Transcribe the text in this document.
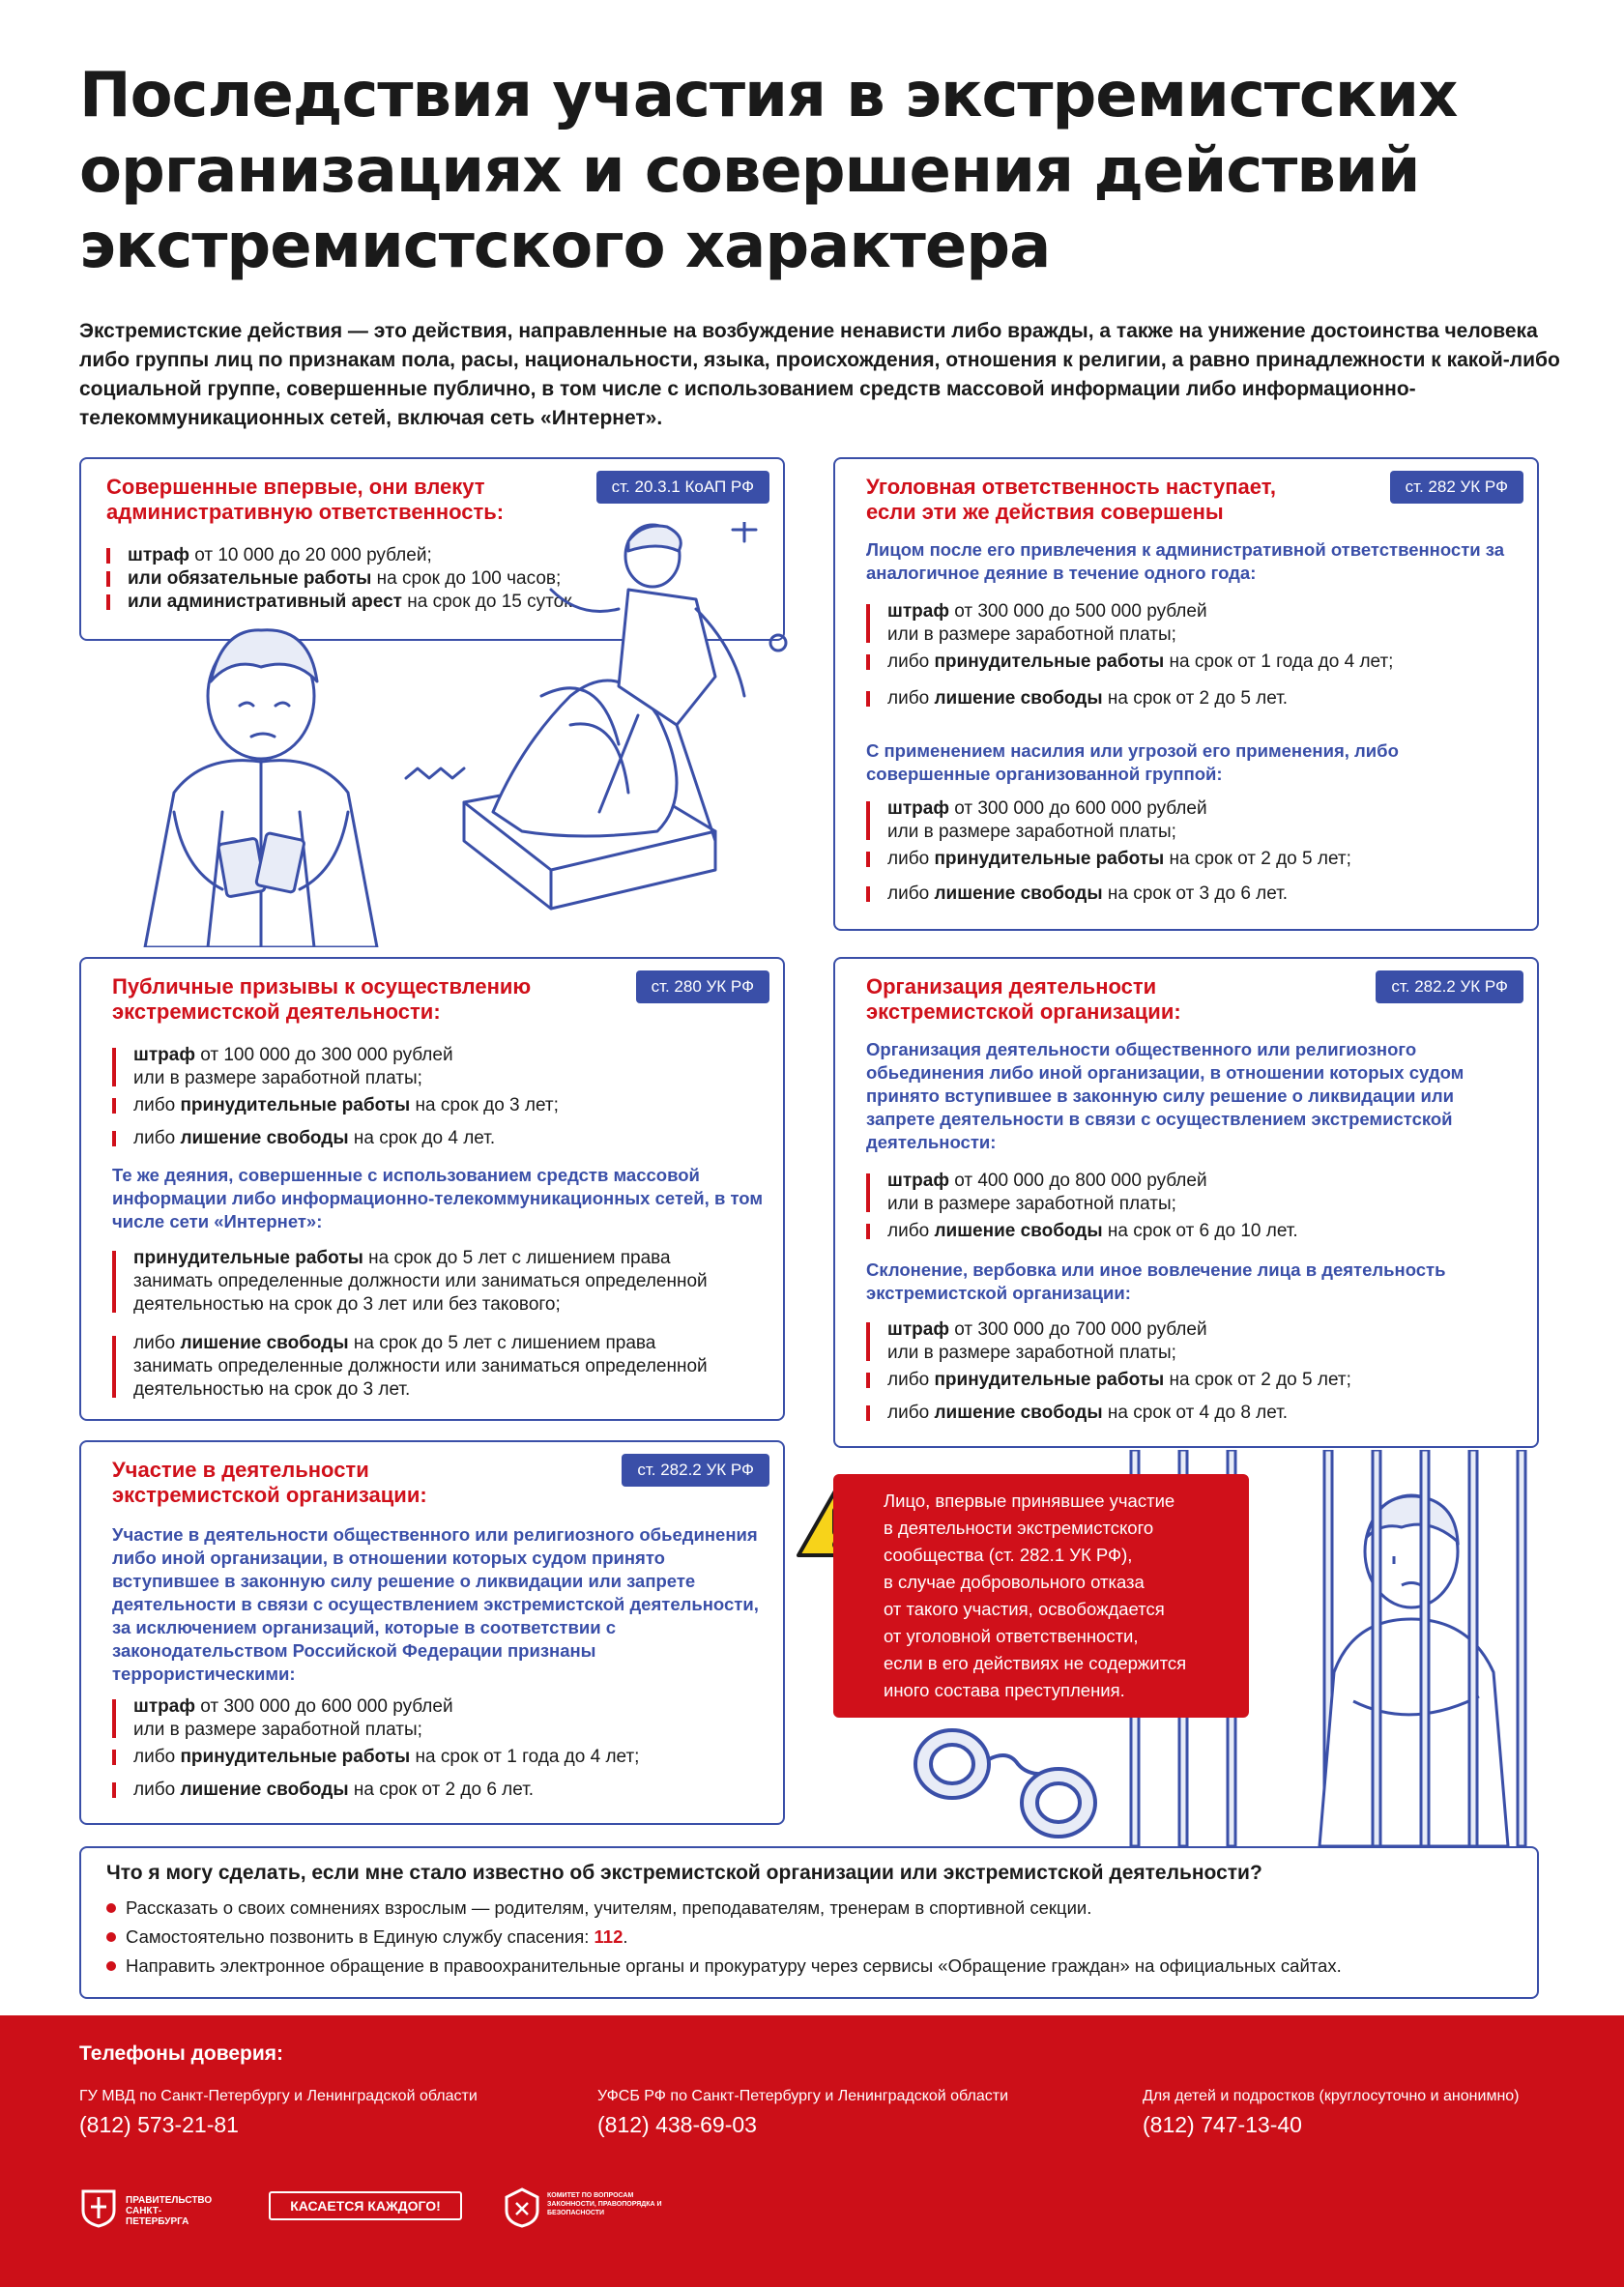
Последствия участия в экстремистских организациях и совершения действий экстремистского характера
Экстремистские действия — это действия, направленные на возбуждение ненависти либо вражды, а также на унижение достоинства человека либо группы лиц по признакам пола, расы, национальности, языка, происхождения, отношения к религии, а равно принадлежности к какой-либо социальной группе, совершенные публично, в том числе с использованием средств массовой информации либо информационно-телекоммуникационных сетей, включая сеть «Интернет».
ст. 20.3.1 КоАП РФ
Совершенные впервые, они влекут административную ответственность:
штраф от 10 000 до 20 000 рублей;
или обязательные работы на срок до 100 часов;
или административный арест на срок до 15 суток.
ст. 282 УК РФ
Уголовная ответственность наступает, если эти же действия совершены
Лицом после его привлечения к административной ответственности за аналогичное деяние в течение одного года:
штраф от 300 000 до 500 000 рублей
или в размере заработной платы;
либо принудительные работы на срок от 1 года до 4 лет;
либо лишение свободы на срок от 2 до 5 лет.
С применением насилия или угрозой его применения, либо совершенные организованной группой:
штраф от 300 000 до 600 000 рублей
или в размере заработной платы;
либо принудительные работы на срок от 2 до 5 лет;
либо лишение свободы на срок от 3 до 6 лет.
ст. 280 УК РФ
Публичные призывы к осуществлению экстремистской деятельности:
штраф от 100 000 до 300 000 рублей
или в размере заработной платы;
либо принудительные работы на срок до 3 лет;
либо лишение свободы на срок до 4 лет.
Те же деяния, совершенные с использованием средств массовой информации либо информационно-телекоммуникационных сетей, в том числе сети «Интернет»:
принудительные работы на срок до 5 лет с лишением права
занимать определенные должности или заниматься определенной
деятельностью на срок до 3 лет или без такового;
либо лишение свободы на срок до 5 лет с лишением права
занимать определенные должности или заниматься определенной
деятельностью на срок до 3 лет.
ст. 282.2 УК РФ
Организация деятельности экстремистской организации:
Организация деятельности общественного или религиозного обьединения либо иной организации, в отношении которых судом принято вступившее в законную силу решение о ликвидации или запрете деятельности в связи с осуществлением экстремистской деятельности:
штраф от 400 000 до 800 000 рублей
или в размере заработной платы;
либо лишение свободы на срок от 6 до 10 лет.
Склонение, вербовка или иное вовлечение лица в деятельность экстремистской организации:
штраф от 300 000 до 700 000 рублей
или в размере заработной платы;
либо принудительные работы на срок от 2 до 5 лет;
либо лишение свободы на срок от 4 до 8 лет.
ст. 282.2 УК РФ
Участие в деятельности экстремистской организации:
Участие в деятельности общественного или религиозного обьединения либо иной организации, в отношении которых судом принято вступившее в законную силу решение о ликвидации или запрете деятельности в связи с осуществлением экстремистской деятельности, за исключением организаций, которые в соответствии с законодательством Российской Федерации признаны террористическими:
штраф от 300 000 до 600 000 рублей
или в размере заработной платы;
либо принудительные работы на срок от 1 года до 4 лет;
либо лишение свободы на срок от 2 до 6 лет.
Лицо, впервые принявшее участие
в деятельности экстремистского
сообщества (ст. 282.1 УК РФ),
в случае добровольного отказа
от такого участия, освобождается
от уголовной ответственности,
если в его действиях не содержится
иного состава преступления.
Что я могу сделать, если мне стало известно об экстремистской организации или экстремистской деятельности?
Рассказать о своих сомнениях взрослым — родителям, учителям, преподавателям, тренерам в спортивной секции.
Самостоятельно позвонить в Единую службу спасения: 112.
Направить электронное обращение в правоохранительные органы и прокуратуру через сервисы «Обращение граждан» на официальных сайтах.
Телефоны доверия:
ГУ МВД по Санкт-Петербургу и Ленинградской области
(812) 573-21-81
УФСБ РФ по Санкт-Петербургу и Ленинградской области
(812) 438-69-03
Для детей и подростков (круглосуточно и анонимно)
(812) 747-13-40
ПРАВИТЕЛЬСТВО САНКТ-ПЕТЕРБУРГА
КАСАЕТСЯ КАЖДОГО!
КОМИТЕТ ПО ВОПРОСАМ ЗАКОННОСТИ, ПРАВОПОРЯДКА И БЕЗОПАСНОСТИ
